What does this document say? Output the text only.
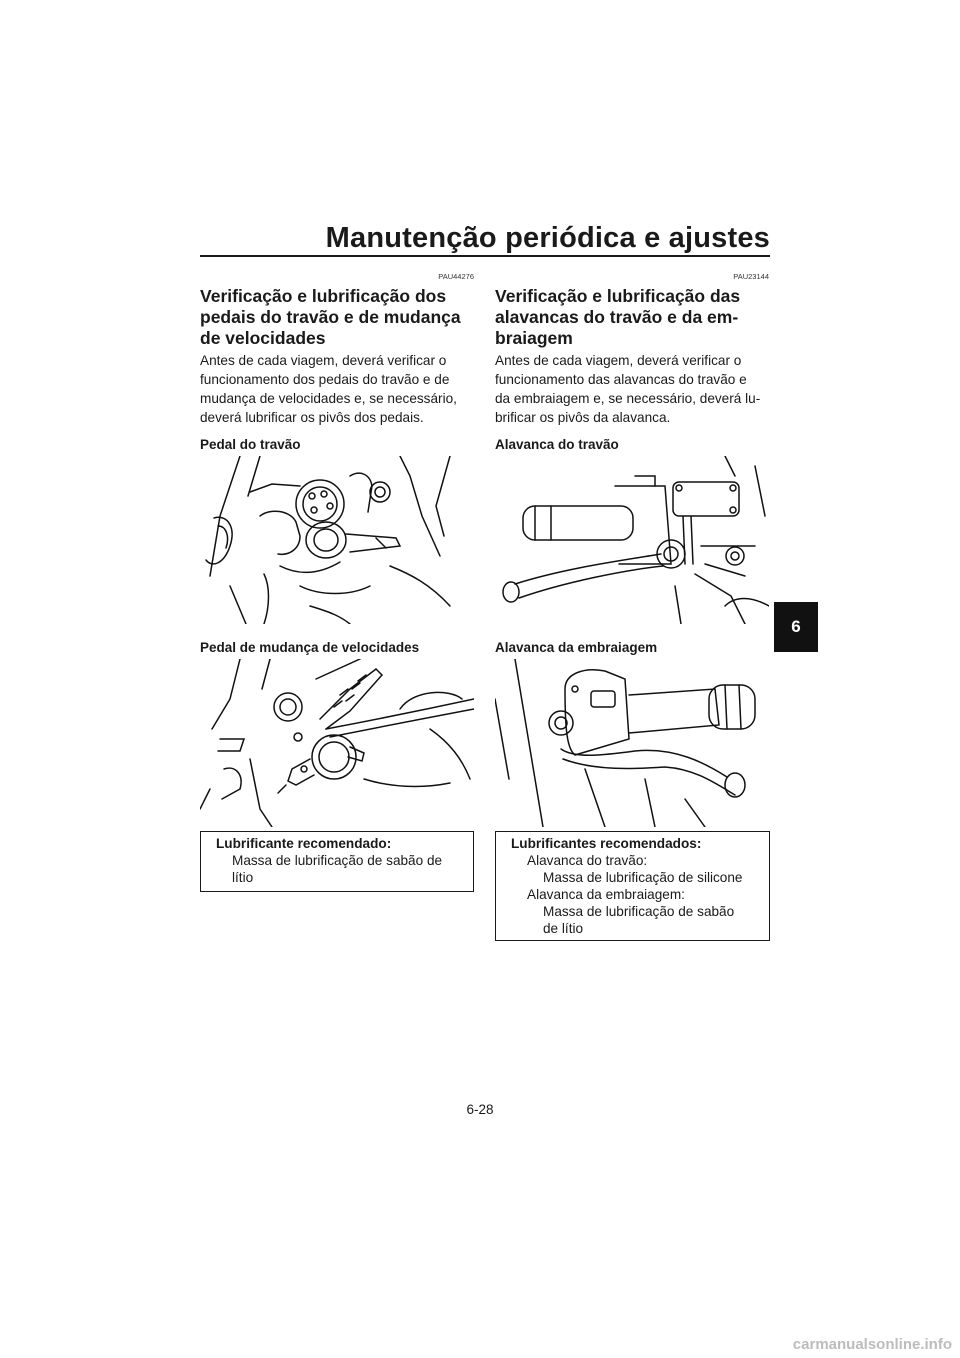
Manutenção periódica e ajustes
6
PAU44276
Verificação e lubrificação dos
pedais do travão e de mudança
de velocidades
Antes de cada viagem, deverá verificar o
funcionamento dos pedais do travão e de
mudança de velocidades e, se necessário,
deverá lubrificar os pivôs dos pedais.
Pedal do travão
Pedal de mudança de velocidades
Lubrificante recomendado:
Massa de lubrificação de sabão de
lítio
PAU23144
Verificação e lubrificação das
alavancas do travão e da em-
braiagem
Antes de cada viagem, deverá verificar o
funcionamento das alavancas do travão e
da embraiagem e, se necessário, deverá lu-
brificar os pivôs da alavanca.
Alavanca do travão
Alavanca da embraiagem
Lubrificantes recomendados:
Alavanca do travão:
Massa de lubrificação de silicone
Alavanca da embraiagem:
Massa de lubrificação de sabão
de lítio
6-28
carmanualsonline.info
